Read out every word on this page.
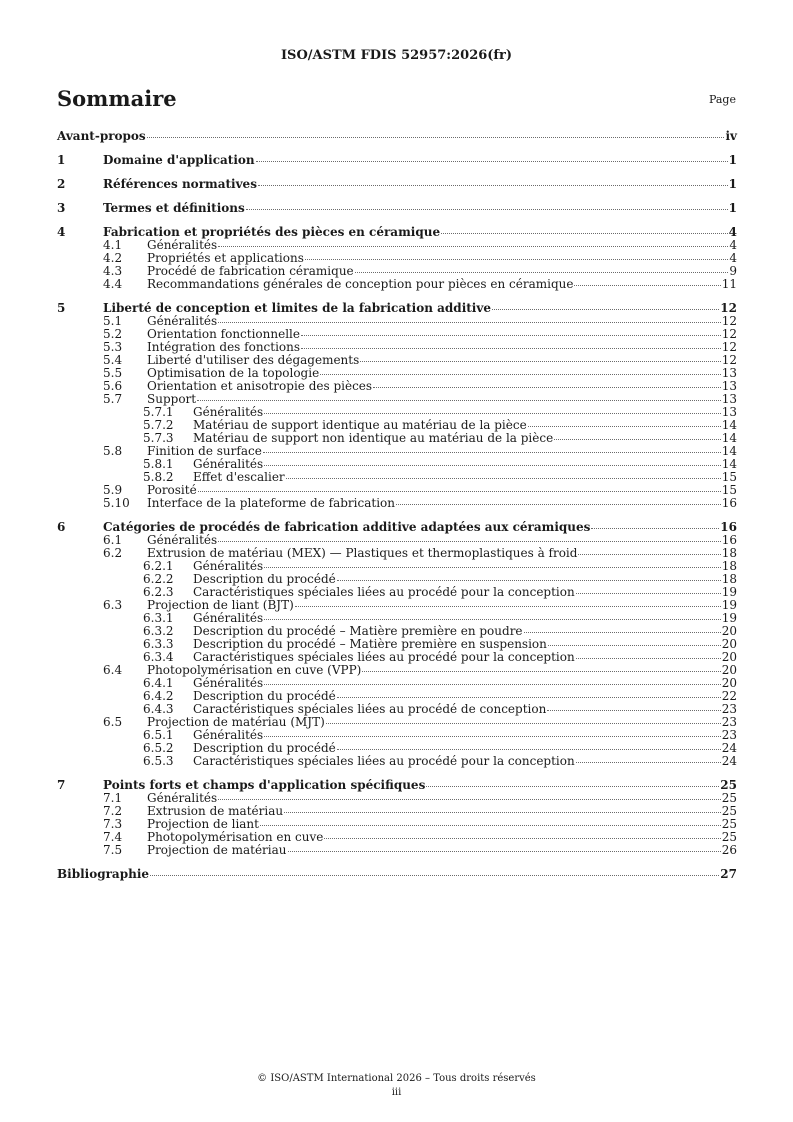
ISO/ASTM FDIS 52957:2026(fr)
Sommaire	Page
Avant-propos	iv
1	Domaine d'application	1
2	Références normatives	1
3	Termes et définitions	1
4	Fabrication et propriétés des pièces en céramique	4
4.1	Généralités	4
4.2	Propriétés et applications	4
4.3	Procédé de fabrication céramique	9
4.4	Recommandations générales de conception pour pièces en céramique	11
5	Liberté de conception et limites de la fabrication additive	12
5.1	Généralités	12
5.2	Orientation fonctionnelle	12
5.3	Intégration des fonctions	12
5.4	Liberté d'utiliser des dégagements	12
5.5	Optimisation de la topologie	13
5.6	Orientation et anisotropie des pièces	13
5.7	Support	13
5.7.1	Généralités	13
5.7.2	Matériau de support identique au matériau de la pièce	14
5.7.3	Matériau de support non identique au matériau de la pièce	14
5.8	Finition de surface	14
5.8.1	Généralités	14
5.8.2	Effet d'escalier	15
5.9	Porosité	15
5.10	Interface de la plateforme de fabrication	16
6	Catégories de procédés de fabrication additive adaptées aux céramiques	16
6.1	Généralités	16
6.2	Extrusion de matériau (MEX) — Plastiques et thermoplastiques à froid	18
6.2.1	Généralités	18
6.2.2	Description du procédé	18
6.2.3	Caractéristiques spéciales liées au procédé pour la conception	19
6.3	Projection de liant (BJT)	19
6.3.1	Généralités	19
6.3.2	Description du procédé – Matière première en poudre	20
6.3.3	Description du procédé – Matière première en suspension	20
6.3.4	Caractéristiques spéciales liées au procédé pour la conception	20
6.4	Photopolymérisation en cuve (VPP)	20
6.4.1	Généralités	20
6.4.2	Description du procédé	22
6.4.3	Caractéristiques spéciales liées au procédé de conception	23
6.5	Projection de matériau (MJT)	23
6.5.1	Généralités	23
6.5.2	Description du procédé	24
6.5.3	Caractéristiques spéciales liées au procédé pour la conception	24
7	Points forts et champs d'application spécifiques	25
7.1	Généralités	25
7.2	Extrusion de matériau	25
7.3	Projection de liant	25
7.4	Photopolymérisation en cuve	25
7.5	Projection de matériau	26
Bibliographie	27
© ISO/ASTM International 2026 – Tous droits réservés
iii
